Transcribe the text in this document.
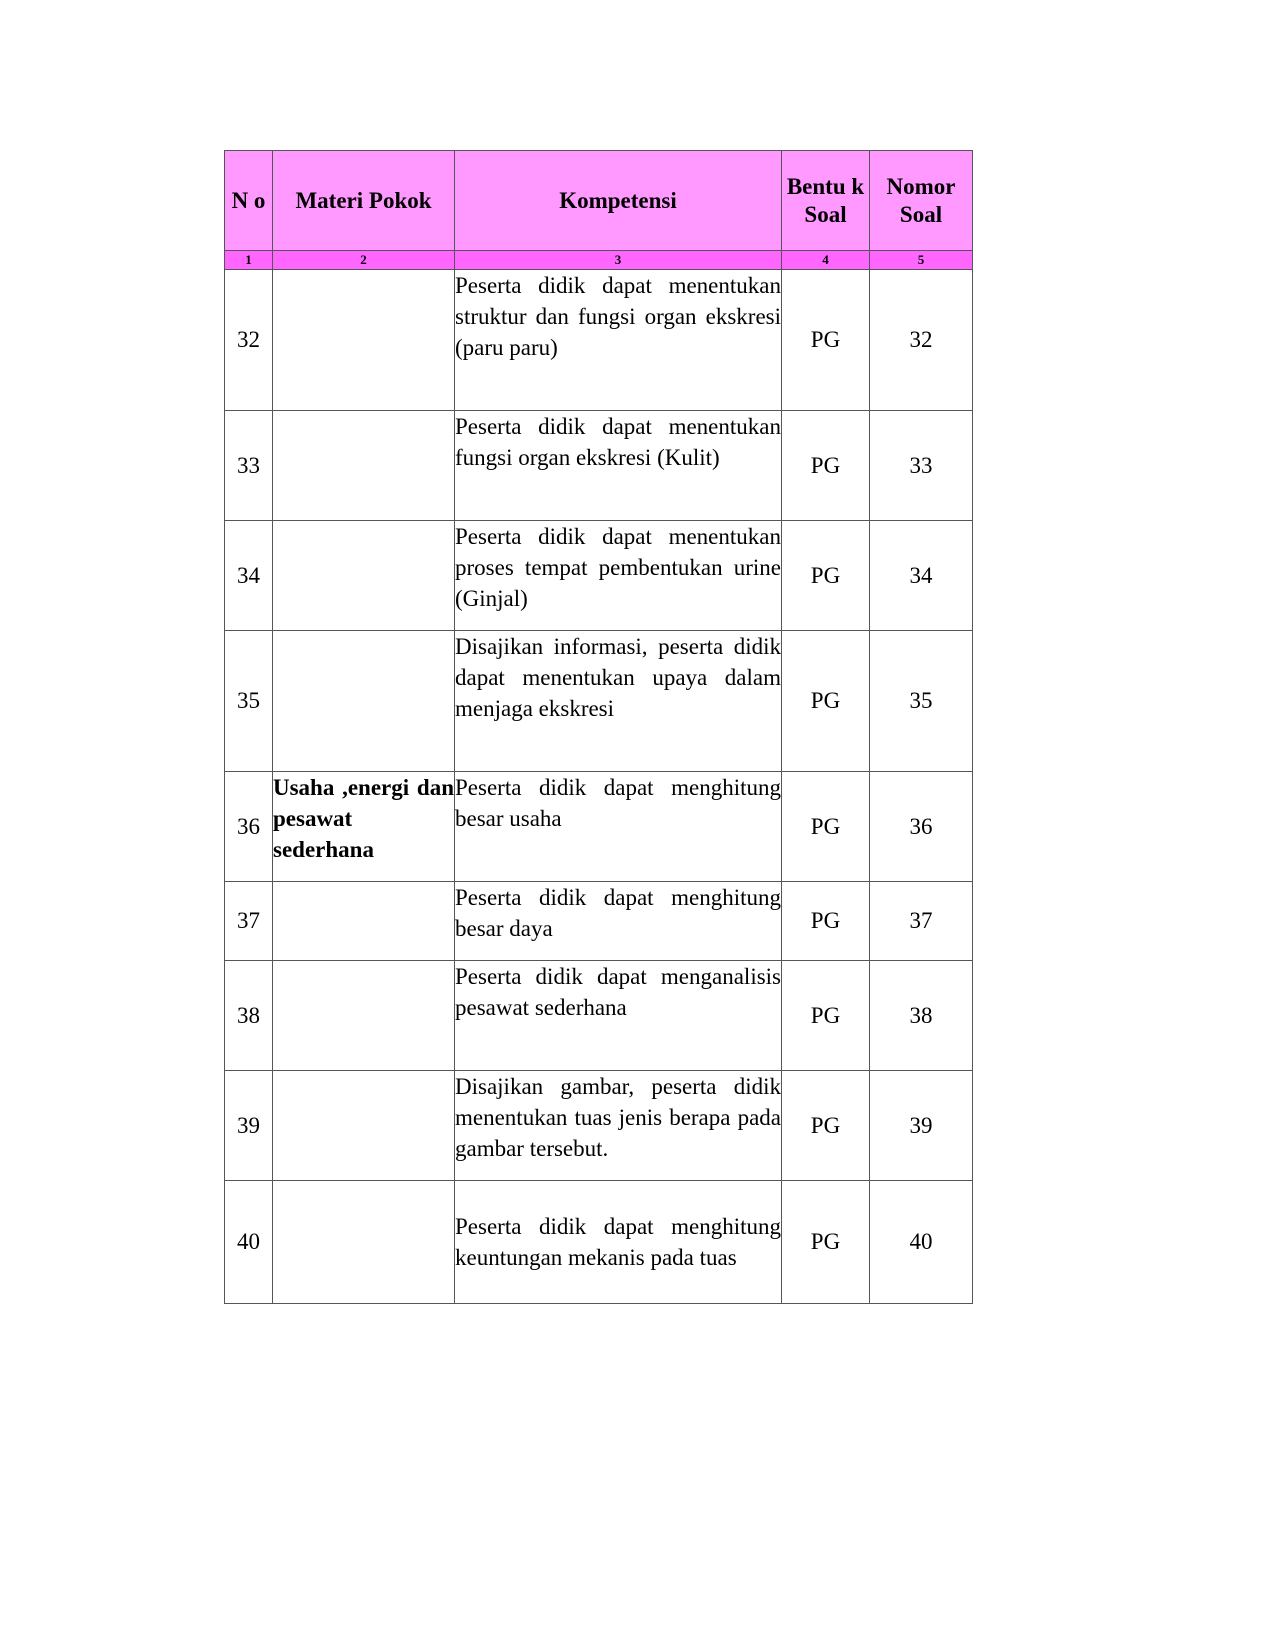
N o	Materi Pokok	Kompetensi	Bentu k Soal	Nomor Soal
1	2	3	4	5
32		Peserta didik dapat menentukan struktur dan fungsi organ ekskresi (paru paru)	PG	32
33		Peserta didik dapat menentukan fungsi organ ekskresi (Kulit)	PG	33
34		Peserta didik dapat menentukan proses tempat pembentukan urine (Ginjal)	PG	34
35		Disajikan informasi, peserta didik dapat menentukan upaya dalam menjaga ekskresi	PG	35
36	Usaha ,energi dan pesawat sederhana	Peserta didik dapat menghitung besar usaha	PG	36
37		Peserta didik dapat menghitung besar daya	PG	37
38		Peserta didik dapat menganalisis pesawat sederhana	PG	38
39		Disajikan gambar, peserta didik menentukan tuas jenis berapa pada gambar tersebut.	PG	39
40		Peserta didik dapat menghitung keuntungan mekanis pada tuas	PG	40
